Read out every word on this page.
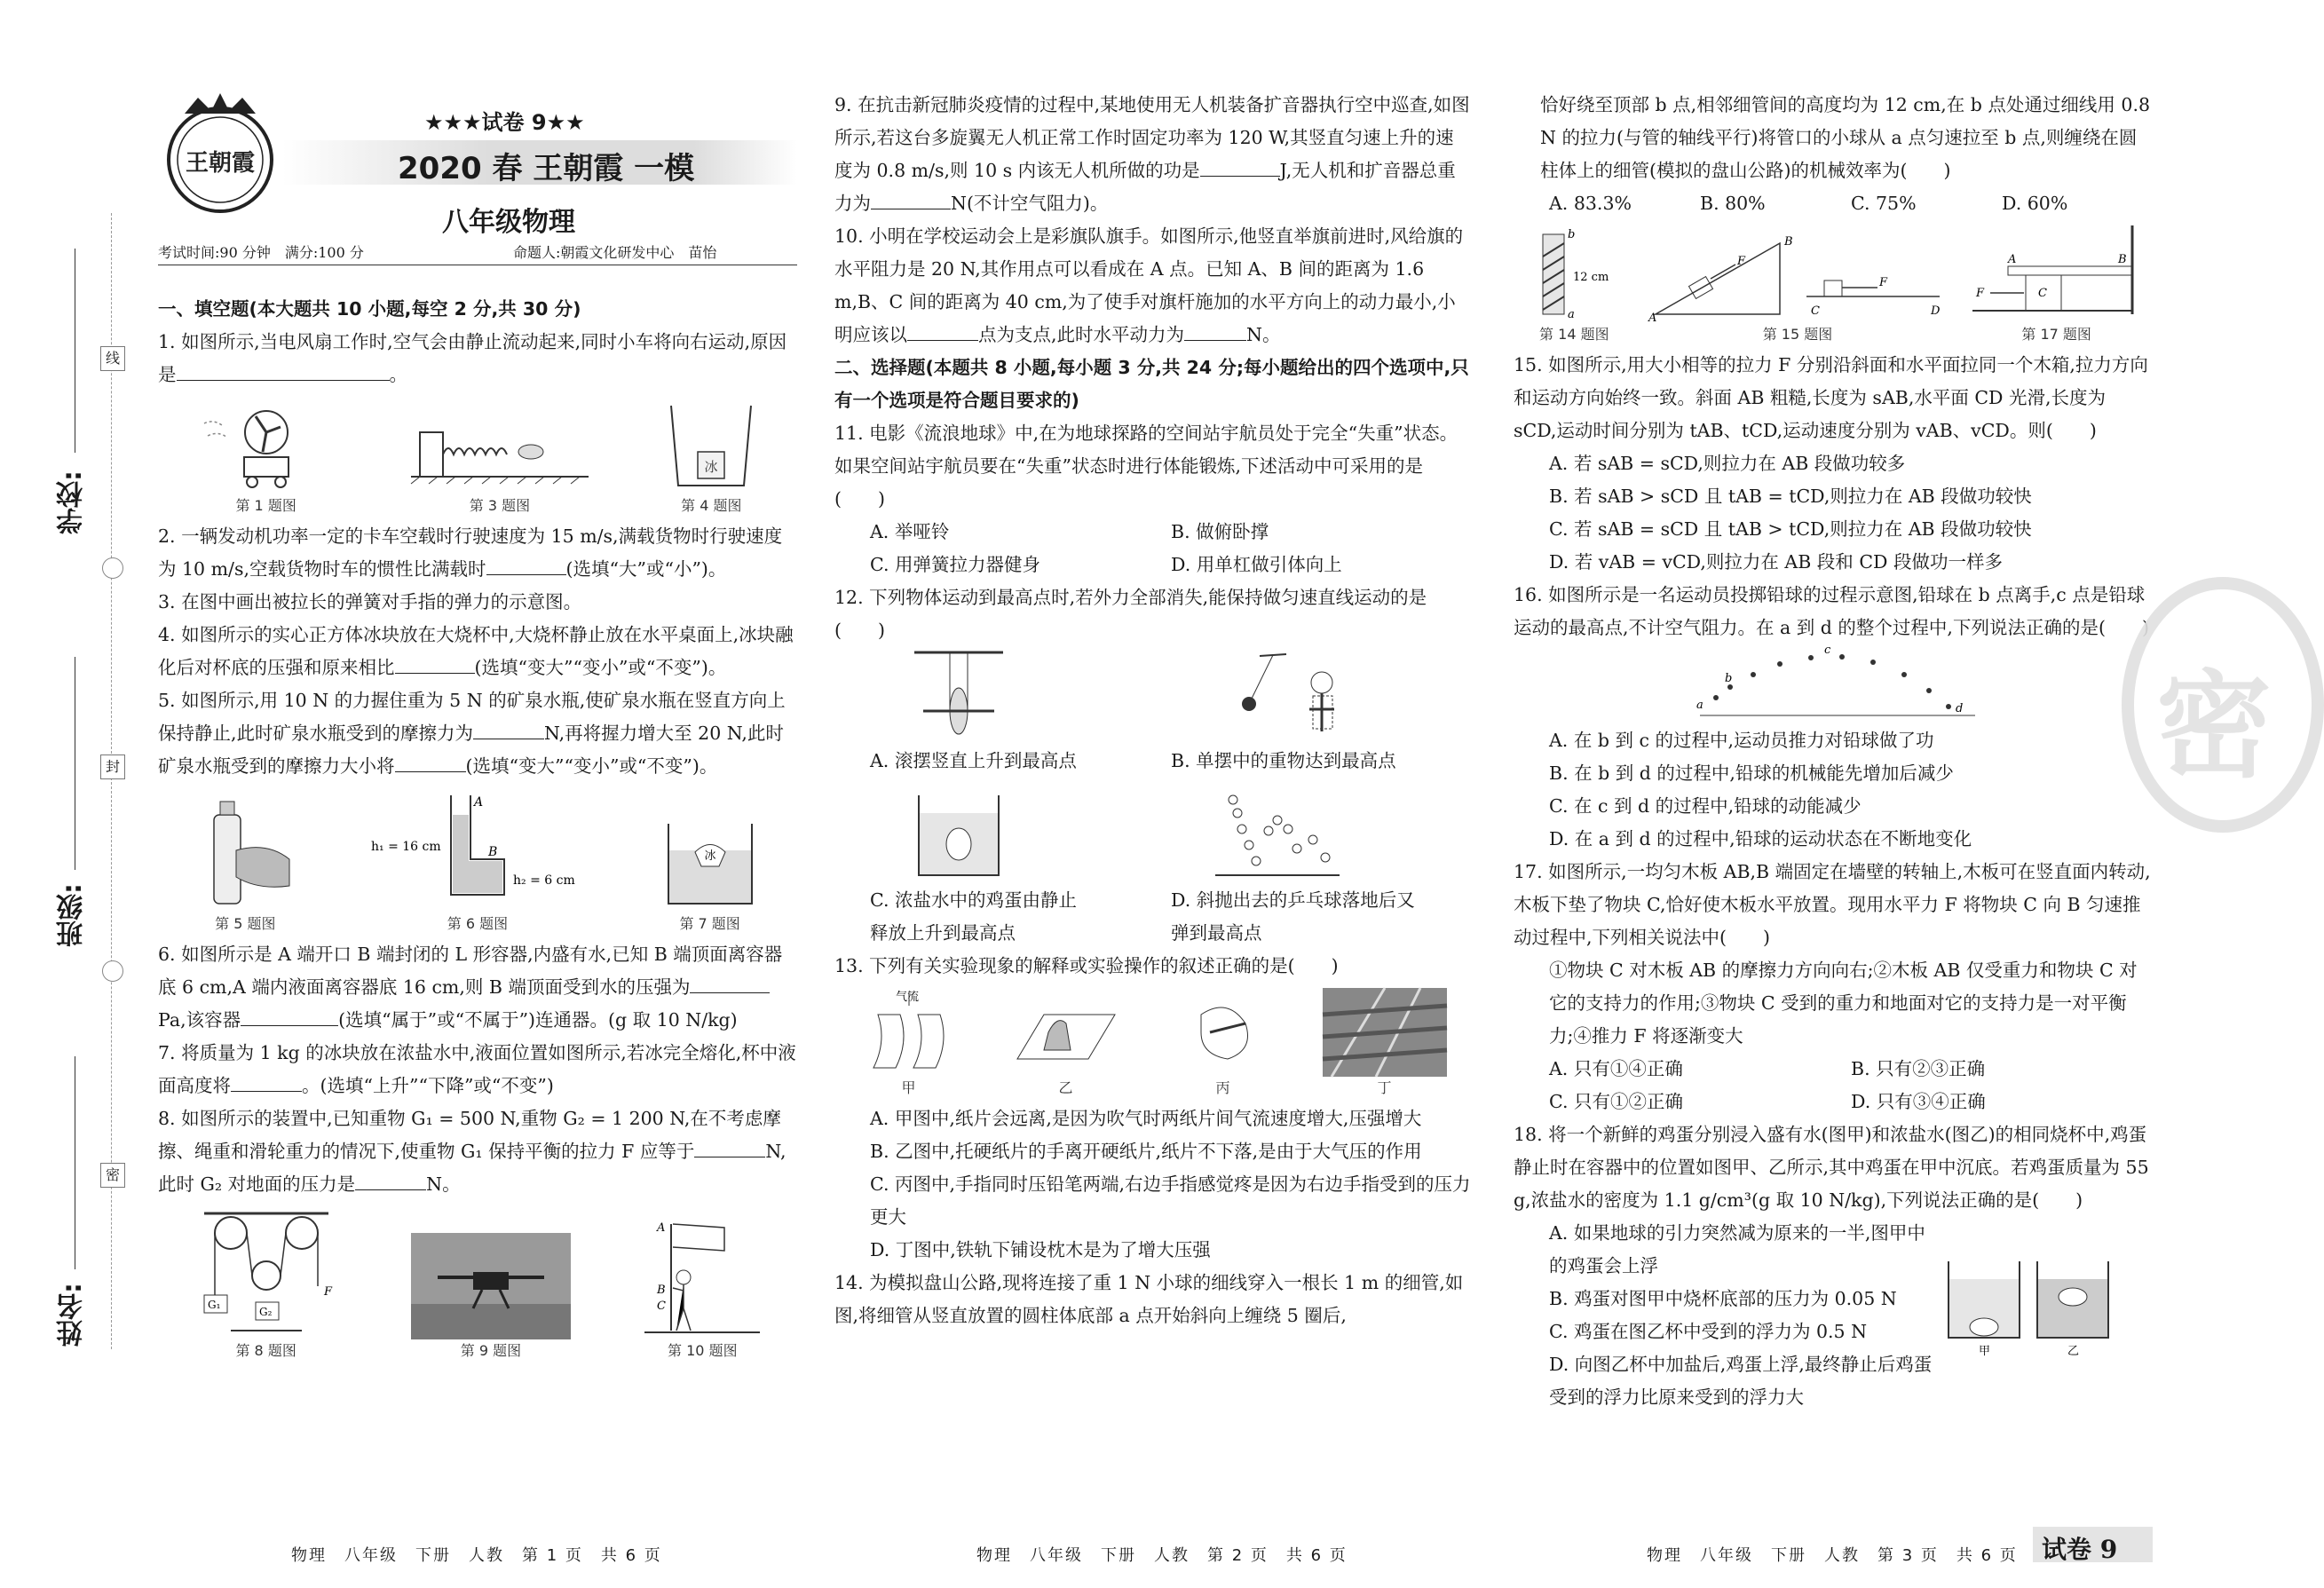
线
封
密
学校:
班级:
姓名:
王朝霞
★★★试卷 9★★
2020 春 王朝霞 一模
八年级物理
考试时间:90 分钟　满分:100 分	命题人:朝霞文化研发中心　苗怡
一、填空题(本大题共 10 小题,每空 2 分,共 30 分)

1. 如图所示,当电风扇工作时,空气会由静止流动起来,同时小车将向右运动,原因是	。

第 1 题图	第 3 题图
冰
第 4 题图

2. 一辆发动机功率一定的卡车空载时行驶速度为 15 m/s,满载货物时行驶速度为 10 m/s,空载货物时车的惯性比满载时	(选填“大”或“小”)。

3. 在图中画出被拉长的弹簧对手指的弹力的示意图。

4. 如图所示的实心正方体冰块放在大烧杯中,大烧杯静止放在水平桌面上,冰块融化后对杯底的压强和原来相比	(选填“变大”“变小”或“不变”)。

5. 如图所示,用 10 N 的力握住重为 5 N 的矿泉水瓶,使矿泉水瓶在竖直方向上保持静止,此时矿泉水瓶受到的摩擦力为	N,再将握力增大至 20 N,此时矿泉水瓶受到的摩擦力大小将	(选填“变大”“变小”或“不变”)。

第 5 题图
A
B
h₁ = 16 cm
h₂ = 6 cm
第 6 题图
冰
第 7 题图

6. 如图所示是 A 端开口 B 端封闭的 L 形容器,内盛有水,已知 B 端顶面离容器底 6 cm,A 端内液面离容器底 16 cm,则 B 端顶面受到水的压强为Pa,该容器	(选填“属于”或“不属于”)连通器。(g 取 10 N/kg)

7. 将质量为 1 kg 的冰块放在浓盐水中,液面位置如图所示,若冰完全熔化,杯中液面高度将	。(选填“上升”“下降”或“不变”)

8. 如图所示的装置中,已知重物 G₁ = 500 N,重物 G₂ = 1 200 N,在不考虑摩擦、绳重和滑轮重力的情况下,使重物 G₁ 保持平衡的拉力 F 应等于	N,此时 G₂ 对地面的压力是	N。

G₁
G₂
F
第 8 题图	第 9 题图
A
B
C
第 10 题图
物理　八年级　下册　人教　第 1 页　共 6 页

9. 在抗击新冠肺炎疫情的过程中,某地使用无人机装备扩音器执行空中巡查,如图所示,若这台多旋翼无人机正常工作时固定功率为 120 W,其竖直匀速上升的速度为 0.8 m/s,则 10 s 内该无人机所做的功是	J,无人机和扩音器总重力为	N(不计空气阻力)。

10. 小明在学校运动会上是彩旗队旗手。如图所示,他竖直举旗前进时,风给旗的水平阻力是 20 N,其作用点可以看成在 A 点。已知 A、B 间的距离为 1.6 m,B、C 间的距离为 40 cm,为了使手对旗杆施加的水平方向上的动力最小,小明应该以	点为支点,此时水平动力为	N。

二、选择题(本题共 8 小题,每小题 3 分,共 24 分;每小题给出的四个选项中,只有一个选项是符合题目要求的)

11. 电影《流浪地球》中,在为地球探路的空间站宇航员处于完全“失重”状态。如果空间站宇航员要在“失重”状态时进行体能锻炼,下述活动中可采用的是(　　)

A. 举哑铃	B. 做俯卧撑
C. 用弹簧拉力器健身	D. 用单杠做引体向上

12. 下列物体运动到最高点时,若外力全部消失,能保持做匀速直线运动的是(　　)

A. 滚摆竖直上升到最高点	B. 单摆中的重物达到最高点
C. 浓盐水中的鸡蛋由静止释放上升到最高点
D. 斜抛出去的乒乓球落地后又弹到最高点

13. 下列有关实验现象的解释或实验操作的叙述正确的是(　　)

气流
甲	乙	丙	丁
A. 甲图中,纸片会远离,是因为吹气时两纸片间气流速度增大,压强增大
B. 乙图中,托硬纸片的手离开硬纸片,纸片不下落,是由于大气压的作用
C. 丙图中,手指同时压铅笔两端,右边手指感觉疼是因为右边手指受到的压力更大
D. 丁图中,铁轨下铺设枕木是为了增大压强

14. 为模拟盘山公路,现将连接了重 1 N 小球的细线穿入一根长 1 m 的细管,如图,将细管从竖直放置的圆柱体底部 a 点开始斜向上缠绕 5 圈后,

物理　八年级　下册　人教　第 2 页　共 6 页

恰好绕至顶部 b 点,相邻细管间的高度均为 12 cm,在 b 点处通过细线用 0.8 N 的拉力(与管的轴线平行)将管口的小球从 a 点匀速拉至 b 点,则缠绕在圆柱体上的细管(模拟的盘山公路)的机械效率为(　　)

A. 83.3%	B. 80%	C. 75%	D. 60%
b
a
12 cm
第 14 题图
A
B
F
C	D
F
第 15 题图
A	B
C
F
第 17 题图

15. 如图所示,用大小相等的拉力 F 分别沿斜面和水平面拉同一个木箱,拉力方向和运动方向始终一致。斜面 AB 粗糙,长度为 sAB,水平面 CD 光滑,长度为 sCD,运动时间分别为 tAB、tCD,运动速度分别为 vAB、vCD。则(　　)

A. 若 sAB = sCD,则拉力在 AB 段做功较多
B. 若 sAB > sCD 且 tAB = tCD,则拉力在 AB 段做功较快
C. 若 sAB = sCD 且 tAB > tCD,则拉力在 AB 段做功较快
D. 若 vAB = vCD,则拉力在 AB 段和 CD 段做功一样多

16. 如图所示是一名运动员投掷铅球的过程示意图,铅球在 b 点离手,c 点是铅球运动的最高点,不计空气阻力。在 a 到 d 的整个过程中,下列说法正确的是(　　)

a
b
c
d
A. 在 b 到 c 的过程中,运动员推力对铅球做了功
B. 在 b 到 d 的过程中,铅球的机械能先增加后减少
C. 在 c 到 d 的过程中,铅球的动能减少
D. 在 a 到 d 的过程中,铅球的运动状态在不断地变化

17. 如图所示,一均匀木板 AB,B 端固定在墙壁的转轴上,木板可在竖直面内转动,木板下垫了物块 C,恰好使木板水平放置。现用水平力 F 将物块 C 向 B 匀速推动过程中,下列相关说法中(　　)

①物块 C 对木板 AB 的摩擦力方向向右;②木板 AB 仅受重力和物块 C 对它的支持力的作用;③物块 C 受到的重力和地面对它的支持力是一对平衡力;④推力 F 将逐渐变大

A. 只有①④正确	B. 只有②③正确
C. 只有①②正确	D. 只有③④正确

18. 将一个新鲜的鸡蛋分别浸入盛有水(图甲)和浓盐水(图乙)的相同烧杯中,鸡蛋静止时在容器中的位置如图甲、乙所示,其中鸡蛋在甲中沉底。若鸡蛋质量为 55 g,浓盐水的密度为 1.1 g/cm³(g 取 10 N/kg),下列说法正确的是(　　)

A. 如果地球的引力突然减为原来的一半,图甲中的鸡蛋会上浮
B. 鸡蛋对图甲中烧杯底部的压力为 0.05 N
C. 鸡蛋在图乙杯中受到的浮力为 0.5 N
D. 向图乙杯中加盐后,鸡蛋上浮,最终静止后鸡蛋受到的浮力比原来受到的浮力大
甲	乙
物理　八年级　下册　人教　第 3 页　共 6 页 试卷 9
密
